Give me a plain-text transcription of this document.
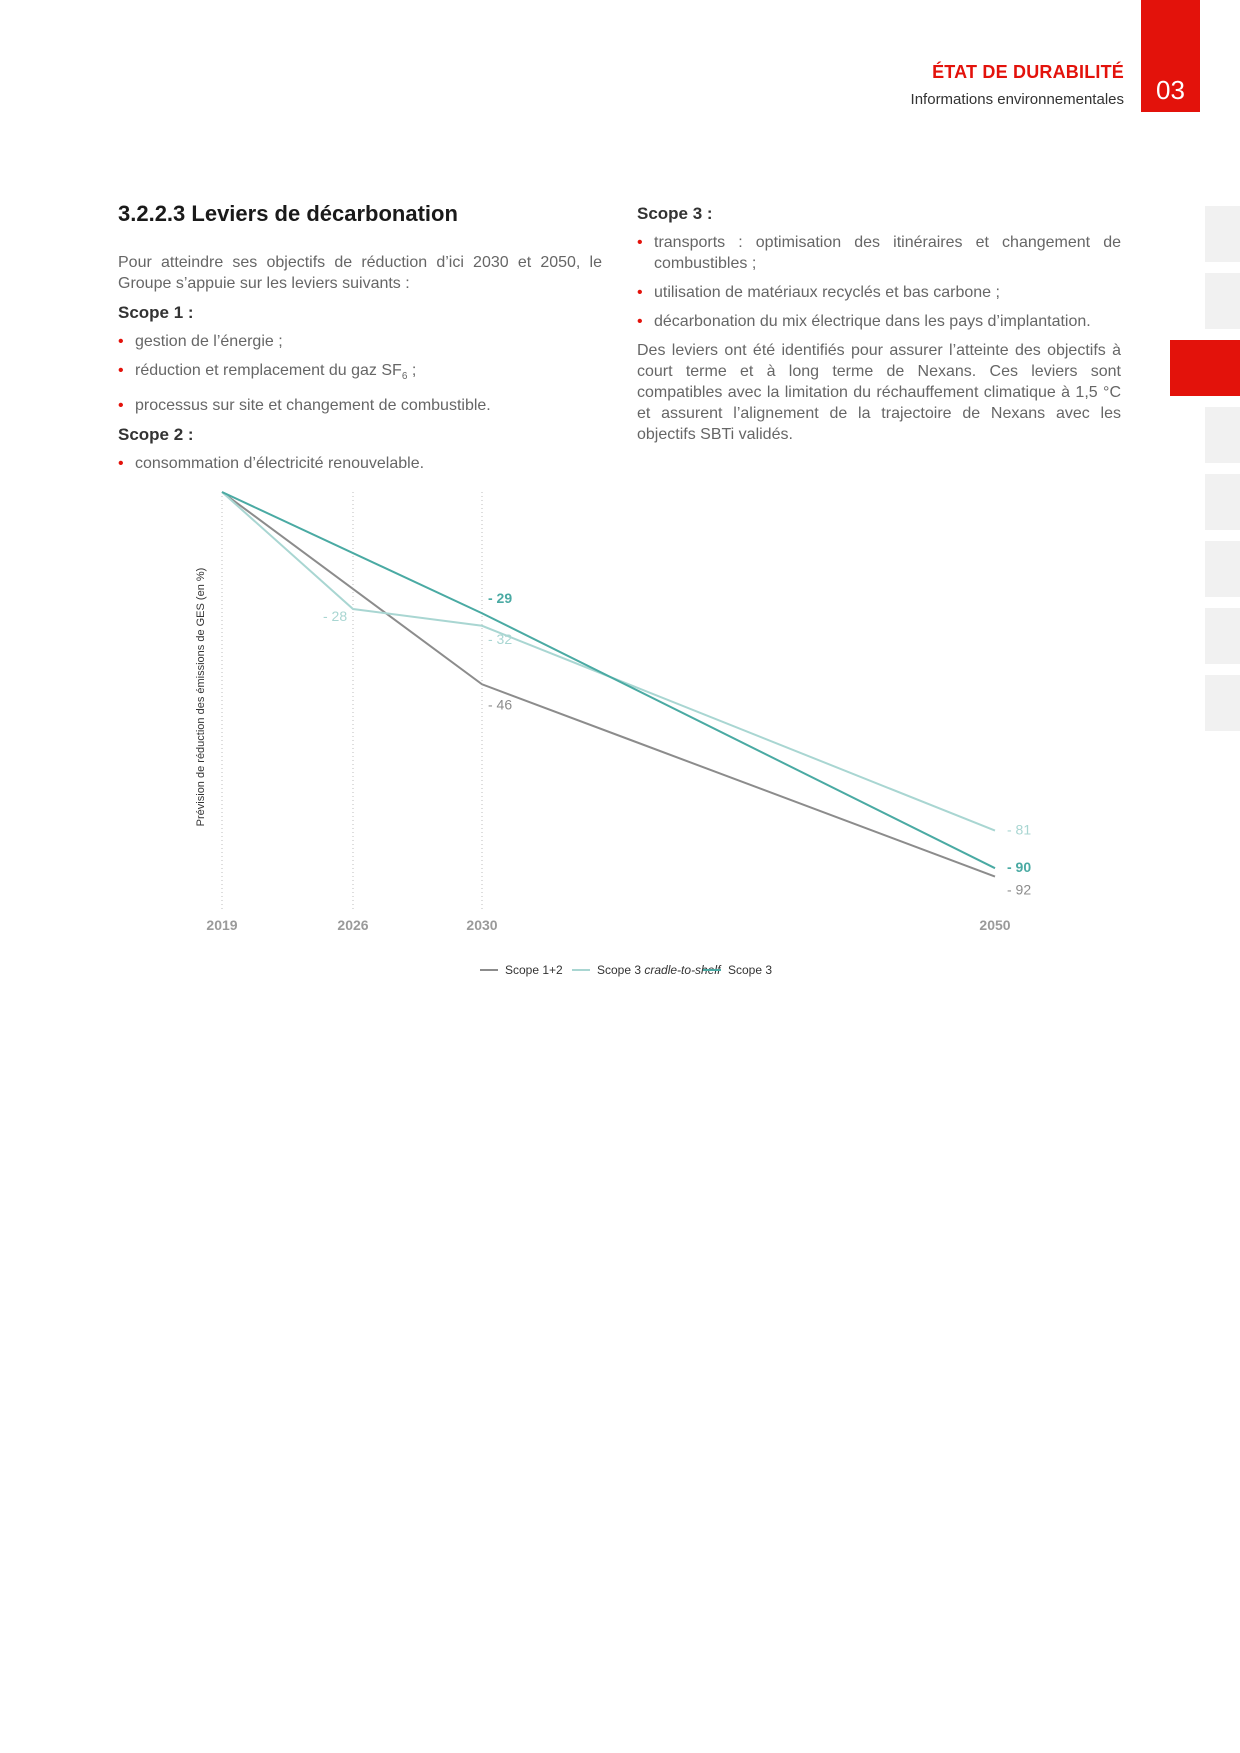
ÉTAT DE DURABILITÉ
Informations environnementales	03
3.2.2.3 Leviers de décarbonation

Pour atteindre ses objectifs de réduction d’ici 2030 et 2050, le Groupe s’appuie sur les leviers suivants :

Scope 1 :
• gestion de l’énergie ;
• réduction et remplacement du gaz $SF_6$ ;
• processus sur site et changement de combustible.
Scope 2 :
• consommation d’électricité renouvelable.
Scope 3 :
• transports : optimisation des itinéraires et changement de combustibles ;
• utilisation de matériaux recyclés et bas carbone ;
• décarbonation du mix électrique dans les pays d’implantation.

Des leviers ont été identifiés pour assurer l’atteinte des objectifs à court terme et à long terme de Nexans. Ces leviers sont compatibles avec la limitation du réchauffement climatique à 1,5 °C et assurent l’alignement de la trajectoire de Nexans avec les objectifs SBTi validés.

Prévision de réduction des émissions de GES (en %)
2019	2026	2030	2050
- 46
- 92
- 28
- 32
- 81
- 29
- 90
Scope 1+2	Scope 3 cradle-to-shelf Scope 3
